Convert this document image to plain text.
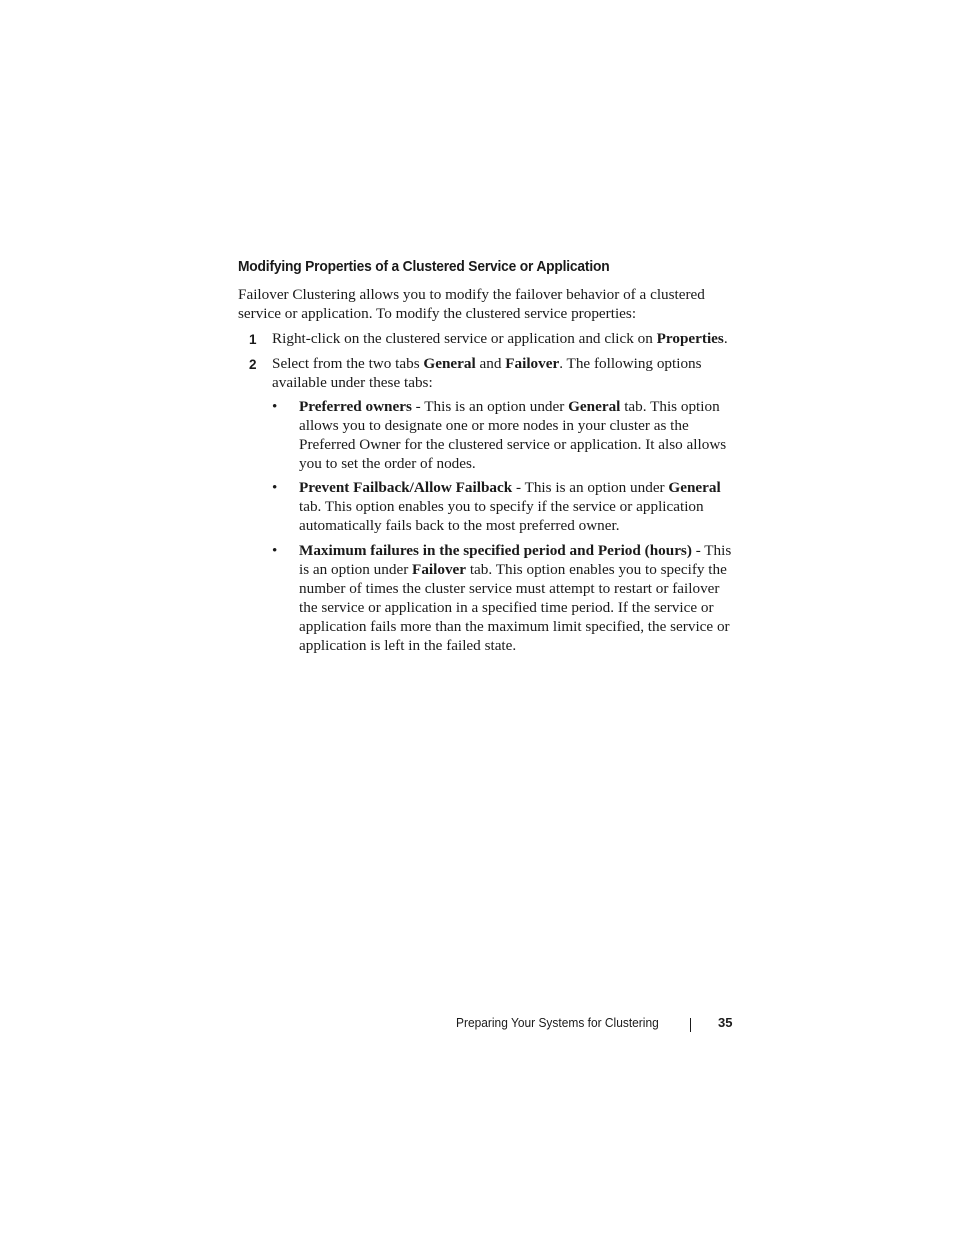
Modifying Properties of a Clustered Service or Application

Failover Clustering allows you to modify the failover behavior of a clustered service or application. To modify the clustered service properties:

1 Right-click on the clustered service or application and click on Properties.
2 Select from the two tabs General and Failover. The following options available under these tabs:
• Preferred owners - This is an option under General tab. This option allows you to designate one or more nodes in your cluster as the Preferred Owner for the clustered service or application. It also allows you to set the order of nodes.
• Prevent Failback/Allow Failback - This is an option under General tab. This option enables you to specify if the service or application automatically fails back to the most preferred owner.
• Maximum failures in the specified period and Period (hours) - This is an option under Failover tab. This option enables you to specify the number of times the cluster service must attempt to restart or failover the service or application in a specified time period. If the service or application fails more than the maximum limit specified, the service or application is left in the failed state.
Preparing Your Systems for Clustering	35
